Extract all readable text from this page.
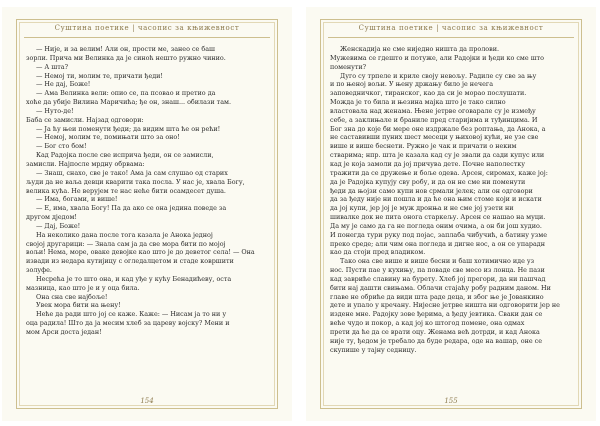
Суштина поетике | часопис за књижевност
— Није, и за велим! Али он, прости ме, занео се баш
зорли. Прича ми Велинка да је синоћ нешто ружно чинио.
— А шта?
— Немој ти, молим те, причати ђеди!
— Не дај, Боже!
— Ама Велинка вели: опио се, па псовао и претио да
хоће да убије Вилина Маричића; ђе он, знаш... обилази там.
— Нуто-де!
Баба се замисли. Најзад одговори:
— Ја ћу њеи поменути ђеди; да видим шта ће он рећи!
— Немој, молим те, помињати што за оно!
— Бог сто бом!
Кад Радојка после све исприча ђеди, он се замисли,
замисли. Најпосле мрдну обрвама:
— Знаш, снахо, све је тако! Ама ја сам слушао од старих
људи да не ваља девци кварити така посла. У нас је, хвала Богу,
велика кућа. Не верујем те нас неће бити осамдесет душа.
— Има, богами, и више!
— Е, има, хвала Богу! Па да ако се она једина поведе за
другом дједом!
— Дај, Боже!
На неколико дана после тога казала је Анока једној
својој другарици: — Знала сам ја да све мора бити по мојој
вољи! Нема, море, оваке девојке као што је до деветог села! — Она
извади из недара кутијицу с огледалцетом и стаде ковршити
золуфе.
Несрећа је то што она, и кад уђе у кућу Бенадићеву, оста
мазница, као што је и у оца била.
Она сна све најбоље!
Увек мора бити на њену!
Неће да ради што јој се каже. Каже: — Нисам ја то ни у
оца радила! Што да ја месим хлеб за цареву војску? Мени и
мом Арси доста један!
154
Суштина поетике | часопис за књижевност
Женскадија не сме ниједно ништа да пролови.
Мужевима се гдешто и потуже, али Радојки и ђеди ко сме што
поменути?
Дуго су трпеле и криле своју невољу. Радиле су све за њу
и по њеној вољи. У њену држању било је нечега
заповедничког, тиранског, као да си је морао послушати.
Можда је то била и њезина мајка што је тако силно
властовала над женама. Њене јетрве оговарале су је између
себе, а заклињале и браниле пред старијима и туђинцима. И
Бог зна до које би мере оне издржале без роптања, да Анока, а
не саставивши пуних шест месеци у њиховој кући, не узе све
више и више беснети. Ружно је чак и причати о неким
стварима; нпр. шта је казала кад су је звали да сади купус или
кад је која замоли да јој причува дете. Почне наполестку
тражити да се дружење и боље одева. Арсен, сиромах, каже јој:
да је Радојка купују сву робу, и да он не сме ни поменути
ђеди да њојзи само купи нов срмали јелек; али он одговори
да за ђеду није ни пошла и да ће она њим стоме који и искати
да јој купи, јер јој је муж дронња и не сме јој узети ни
шивалке док не пита онога старкељу. Арсен се нашао на муци.
Да му је само да га не погледа оним очима, а он би још худио.
И понегда тури руку под појас, заплаба чибучић, а батину узме
преко среде; али чим она погледа и дигне нос, а он се упарадн
као да стоји пред владиком.
Тако она све више и више бесни и баш хотимично иде уз
нос. Пусти пае у кухињу, па поваде све месо из лонца. Не пази
кад завриће славину на бурету. Хлеб јој прегори, да ни пашчад
бити нај дашти свињама. Облачи стајаћу робу радним даном. Ни
главе не обриће да види шта раде деца, и због ње је Јованкино
дете и упало у кречану. Нијесне јетрве ништа ни одговорити јер не
издене мне. Радојку зове ђерима, а ђеду јевтика. Сваки дан се
веће чудо и покор, а кад јој ко штогод помене, она одмах
прети да ће да се врати оцу. Женама већ дотрди, и кад Анока
није ту, ђедом је требало да буде редара, оде на вашар, оне се
скупише у тајну седницу.
155
